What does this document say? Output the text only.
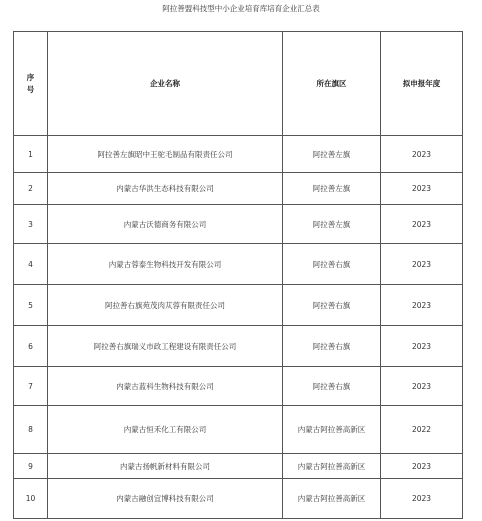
阿拉善盟科技型中小企业培育库培育企业汇总表
序
号	企业名称	所在旗区	拟申报年度
1	阿拉善左旗昭中王驼毛制品有限责任公司	阿拉善左旗	2023
2	内蒙古华洪生态科技有限公司	阿拉善左旗	2023
3	内蒙古沃德商务有限公司	阿拉善左旗	2023
4	内蒙古蓉泰生物科技开发有限公司	阿拉善右旗	2023
5	阿拉善右旗苑茂肉苁蓉有限责任公司	阿拉善右旗	2023
6	阿拉善右旗瑞义市政工程建设有限责任公司	阿拉善右旗	2023
7	内蒙古蓝科生物科技有限公司	阿拉善右旗	2023
8	内蒙古恒禾化工有限公司	内蒙古阿拉善高新区	2022
9	内蒙古扬帆新材料有限公司	内蒙古阿拉善高新区	2023
10	内蒙古融创宜博科技有限公司	内蒙古阿拉善高新区	2023
